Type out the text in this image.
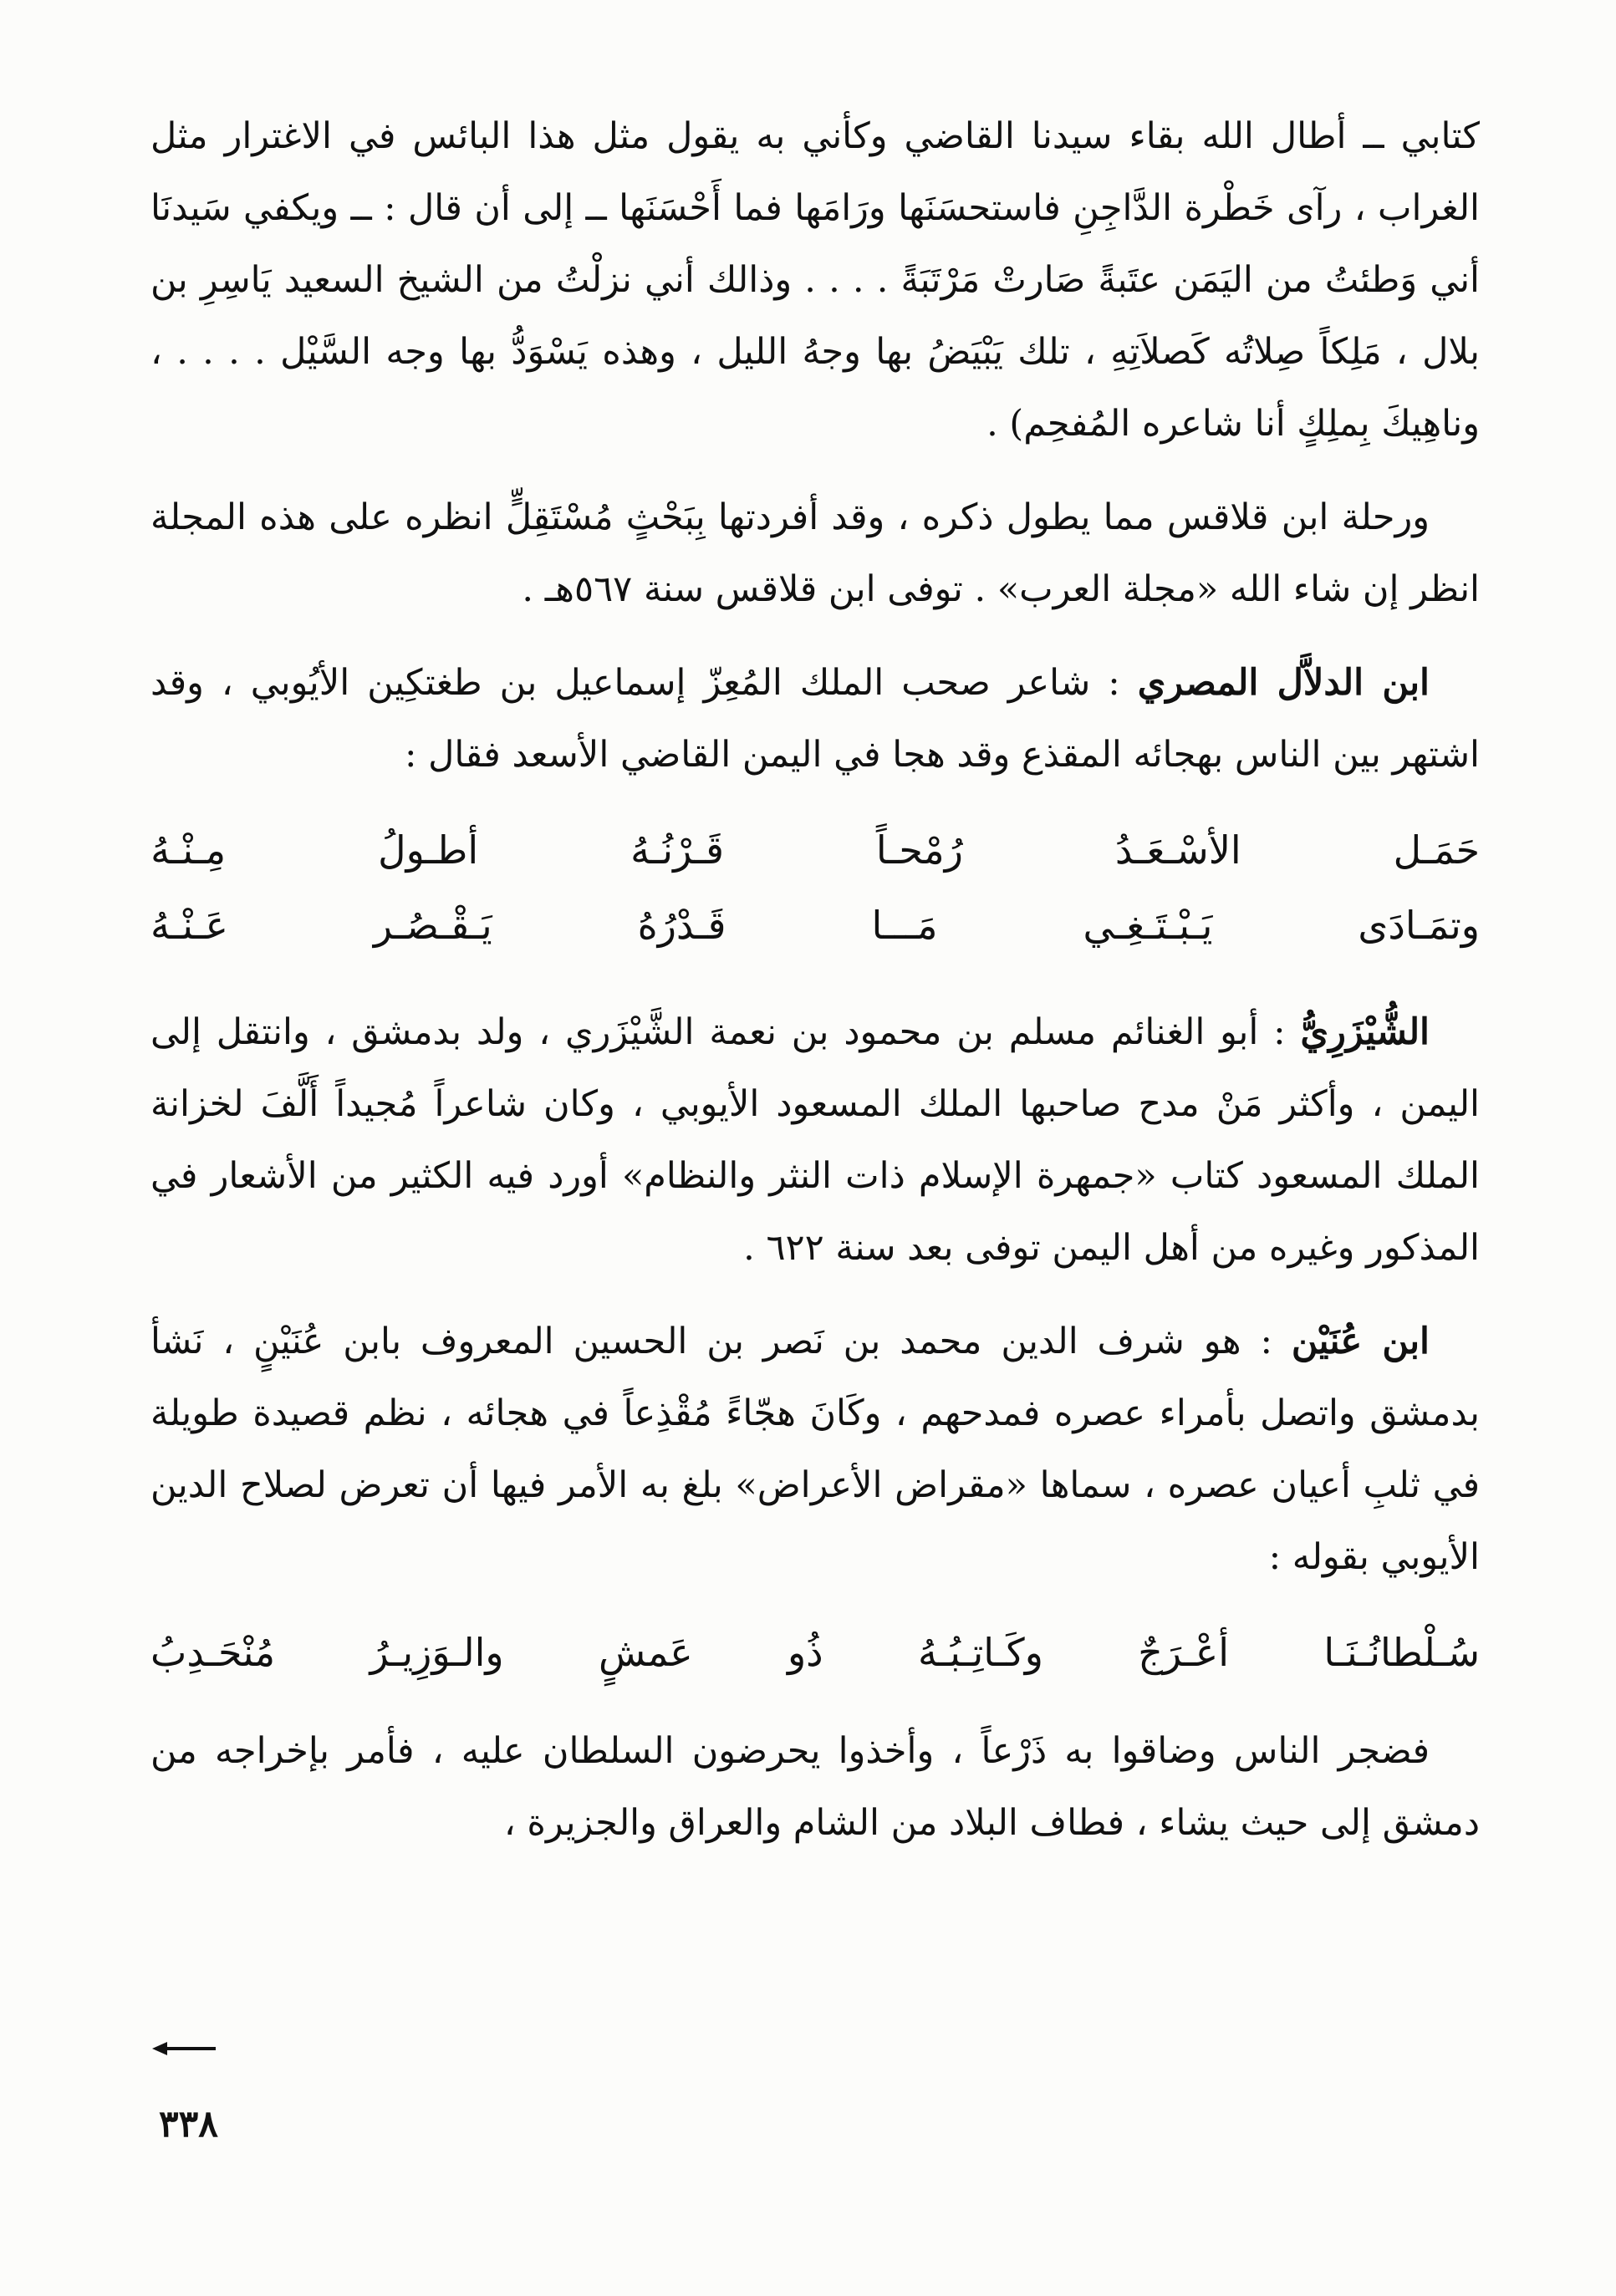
كتابي ــ أطال الله بقاء سيدنا القاضي وكأني به يقول مثل هذا البائس في الاغترار مثل الغراب ، رآى خَطْرة الدَّاجِنِ فاستحسَنَها ورَامَها فما أَحْسَنَها ــ إلى أن قال : ــ ويكفي سَيدنَا أني وَطئتُ من اليَمَن عتَبةً صَارتْ مَرْتَبَةً . . . . وذالك أني نزلْتُ من الشيخ السعيد يَاسِرِ بن بلال ، مَلِكاً صِلاتُه كَصلاَتِهِ ، تلك يَبْيَضُ بها وجهُ الليل ، وهذه يَسْوَدُّ بها وجه السَّيْل . . . . ، وناهِيكَ بِملِكٍ أنا شاعره المُفحِم) .

ورحلة ابن قلاقس مما يطول ذكره ، وقد أفردتها بِبَحْثٍ مُسْتَقِلٍّ انظره على هذه المجلة انظر إن شاء الله «مجلة العرب» . توفى ابن قلاقس سنة ٥٦٧هـ .

ابن الدلاَّل المصري : شاعر صحب الملك المُعِزّ إسماعيل بن طغتكِين الأيُوبي ، وقد اشتهر بين الناس بهجائه المقذع وقد هجا في اليمن القاضي الأسعد فقال :

حَمَـل
الأسْـعَـدُ
رُمْحـاً
قَـرْنُـهُ
أطـولُ
مِـنْـهُ
وتمَـادَى
يَـبْـتَـغِـي
مَـــا
قَـدْرُهُ
يَـقْـصُـر
عَـنْـهُ

الشُّيْزَرِيُّ : أبو الغنائم مسلم بن محمود بن نعمة الشَّيْزَري ، ولد بدمشق ، وانتقل إلى اليمن ، وأكثر مَنْ مدح صاحبها الملك المسعود الأيوبي ، وكان شاعراً مُجيداً أَلَّفَ لخزانة الملك المسعود كتاب «جمهرة الإسلام ذات النثر والنظام» أورد فيه الكثير من الأشعار في المذكور وغيره من أهل اليمن توفى بعد سنة ٦٢٢ .

ابن عُنَيْن : هو شرف الدين محمد بن نَصر بن الحسين المعروف بابن عُنَيْنٍ ، نَشأ بدمشق واتصل بأمراء عصره فمدحهم ، وكَانَ هجّاءً مُقْذِعاً في هجائه ، نظم قصيدة طويلة في ثلبِ أعيان عصره ، سماها «مقراض الأعراض» بلغ به الأمر فيها أن تعرض لصلاح الدين الأيوبي بقوله :

سُـلْطانُـنَـا
أعْـرَجٌ
وكَـاتِـبُـهُ
ذُو
عَمشٍ
والـوَزِيـرُ
مُنْحَـدِبُ

فضجر الناس وضاقوا به ذَرْعاً ، وأخذوا يحرضون السلطان عليه ، فأمر بإخراجه من دمشق إلى حيث يشاء ، فطاف البلاد من الشام والعراق والجزيرة ،

٣٣٨
